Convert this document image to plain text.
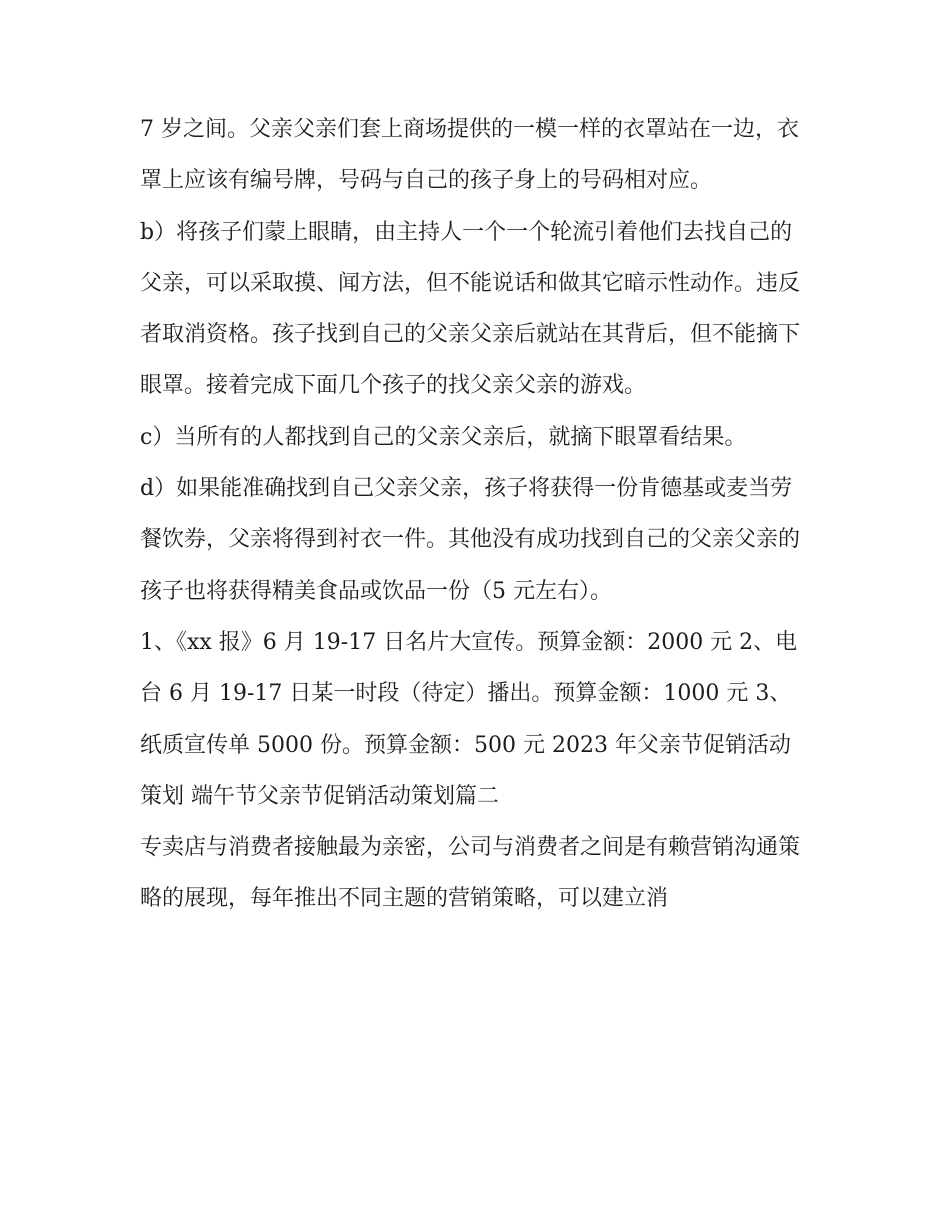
7 岁之间。父亲父亲们套上商场提供的一模一样的衣罩站在一边，衣罩上应该有编号牌，号码与自己的孩子身上的号码相对应。

b）将孩子们蒙上眼睛，由主持人一个一个轮流引着他们去找自己的父亲，可以采取摸、闻方法，但不能说话和做其它暗示性动作。违反者取消资格。孩子找到自己的父亲父亲后就站在其背后，但不能摘下眼罩。接着完成下面几个孩子的找父亲父亲的游戏。

c）当所有的人都找到自己的父亲父亲后，就摘下眼罩看结果。

d）如果能准确找到自己父亲父亲，孩子将获得一份肯德基或麦当劳餐饮券，父亲将得到衬衣一件。其他没有成功找到自己的父亲父亲的孩子也将获得精美食品或饮品一份（5 元左右）。

1、《xx 报》6 月 19-17 日名片大宣传。预算金额：2000 元 2、电台 6 月 19-17 日某一时段（待定）播出。预算金额：1000 元 3、纸质宣传单 5000 份。预算金额：500 元 2023 年父亲节促销活动策划 端午节父亲节促销活动策划篇二

专卖店与消费者接触最为亲密，公司与消费者之间是有赖营销沟通策略的展现，每年推出不同主题的营销策略，可以建立消
